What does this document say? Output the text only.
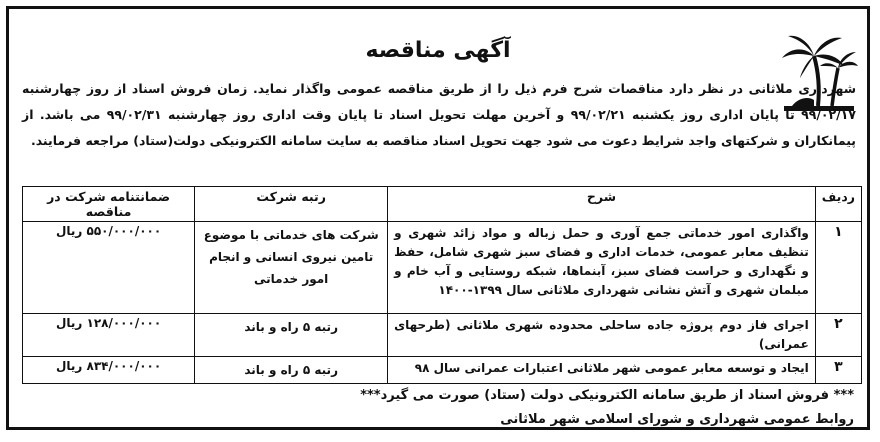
آگهی مناقصه
شهرداری ملاثانی در نظر دارد مناقصات شرح فرم ذیل را از طریق مناقصه عمومی واگذار نماید. زمان فروش اسناد از روز چهارشنبه ۹۹/۰۲/۱۷ تا پایان اداری روز یکشنبه ۹۹/۰۲/۲۱ و آخرین مهلت تحویل اسناد تا پایان وقت اداری روز چهارشنبه ۹۹/۰۲/۳۱ می باشد. از پیمانکاران و شرکتهای واجد شرایط دعوت می شود جهت تحویل اسناد مناقصه به سایت سامانه الکترونیکی دولت(ستاد) مراجعه فرمایند.
ردیف	شرح	رتبه شرکت	ضمانتنامه شرکت در مناقصه
۱	واگذاری امور خدماتی جمع آوری و حمل زباله و مواد زائد شهری و تنظیف معابر عمومی، خدمات اداری و فضای سبز شهری شامل، حفظ و نگهداری و حراست فضای سبز، آبنماها، شبکه روستایی و آب خام و مبلمان شهری و آتش نشانی شهرداری ملاثانی سال ۱۳۹۹-۱۴۰۰	شرکت های خدماتی با موضوع تامین نیروی انسانی و انجام امور خدماتی	۵۵۰/۰۰۰/۰۰۰ ریال
۲	اجرای فاز دوم پروژه جاده ساحلی محدوده شهری ملاثانی (طرحهای عمرانی)	رتبه ۵ راه و باند	۱۲۸/۰۰۰/۰۰۰ ریال
۳	ایجاد و توسعه معابر عمومی شهر ملاثانی اعتبارات عمرانی سال ۹۸	رتبه ۵ راه و باند	۸۳۴/۰۰۰/۰۰۰ ریال
*** فروش اسناد از طریق سامانه الکترونیکی دولت (ستاد) صورت می گیرد***
روابط عمومی شهرداری و شورای اسلامی شهر ملاثانی
